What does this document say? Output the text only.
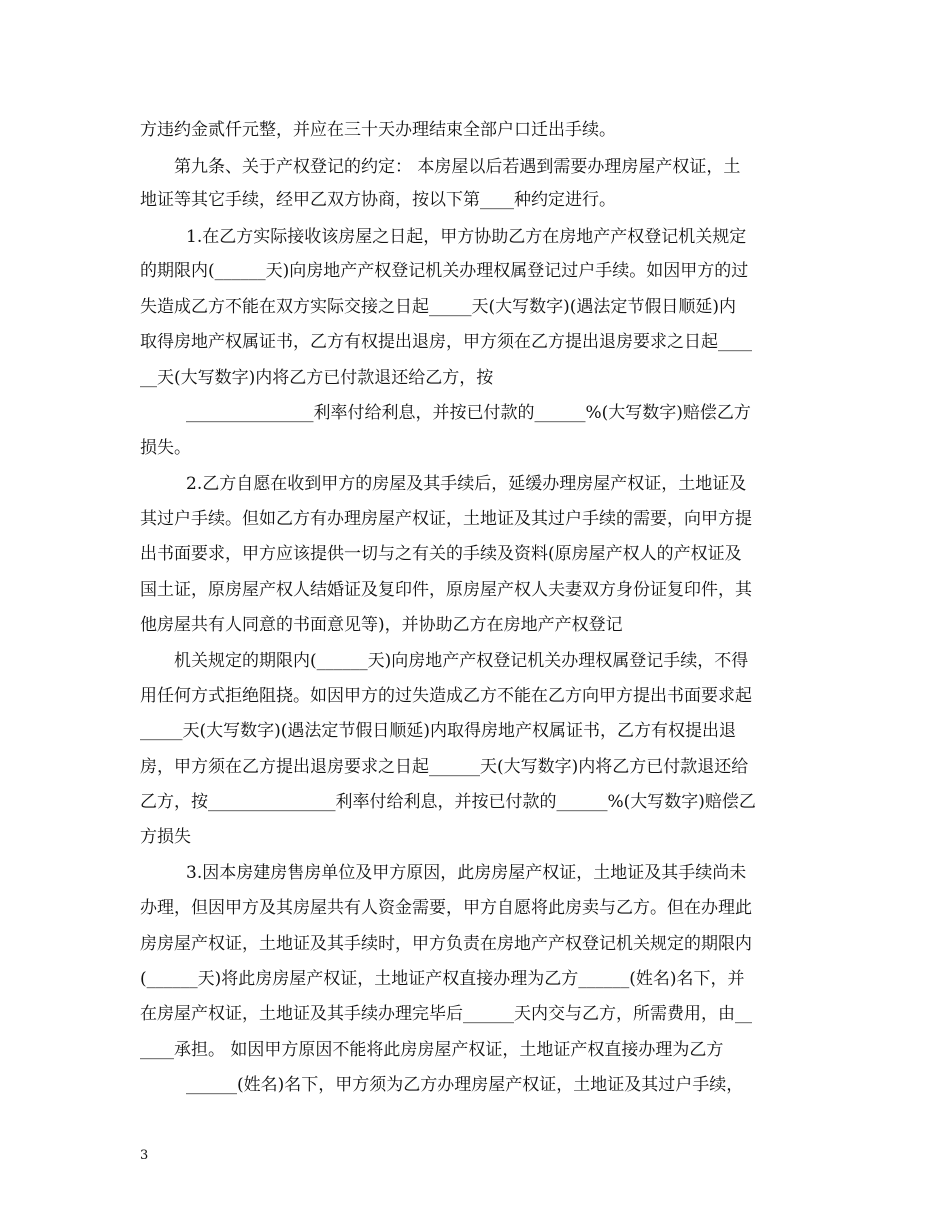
方违约金贰仟元整，并应在三十天办理结束全部户口迁出手续。
第九条、关于产权登记的约定： 本房屋以后若遇到需要办理房屋产权证，土
地证等其它手续，经甲乙双方协商，按以下第____种约定进行。
1.在乙方实际接收该房屋之日起，甲方协助乙方在房地产产权登记机关规定
的期限内(______天)向房地产产权登记机关办理权属登记过户手续。如因甲方的过
失造成乙方不能在双方实际交接之日起_____天(大写数字)(遇法定节假日顺延)内
取得房地产权属证书，乙方有权提出退房，甲方须在乙方提出退房要求之日起____
__天(大写数字)内将乙方已付款退还给乙方，按
_______________利率付给利息，并按已付款的______%(大写数字)赔偿乙方
损失。
2.乙方自愿在收到甲方的房屋及其手续后，延缓办理房屋产权证，土地证及
其过户手续。但如乙方有办理房屋产权证，土地证及其过户手续的需要，向甲方提
出书面要求，甲方应该提供一切与之有关的手续及资料(原房屋产权人的产权证及
国土证，原房屋产权人结婚证及复印件，原房屋产权人夫妻双方身份证复印件，其
他房屋共有人同意的书面意见等)，并协助乙方在房地产产权登记
机关规定的期限内(______天)向房地产产权登记机关办理权属登记手续，不得
用任何方式拒绝阻挠。如因甲方的过失造成乙方不能在乙方向甲方提出书面要求起
_____天(大写数字)(遇法定节假日顺延)内取得房地产权属证书，乙方有权提出退
房，甲方须在乙方提出退房要求之日起______天(大写数字)内将乙方已付款退还给
乙方，按_______________利率付给利息，并按已付款的______%(大写数字)赔偿乙
方损失
3.因本房建房售房单位及甲方原因，此房房屋产权证，土地证及其手续尚未
办理，但因甲方及其房屋共有人资金需要，甲方自愿将此房卖与乙方。但在办理此
房房屋产权证，土地证及其手续时，甲方负责在房地产产权登记机关规定的期限内
(______天)将此房房屋产权证，土地证产权直接办理为乙方______(姓名)名下，并
在房屋产权证，土地证及其手续办理完毕后______天内交与乙方，所需费用，由__
____承担。 如因甲方原因不能将此房房屋产权证，土地证产权直接办理为乙方
______(姓名)名下，甲方须为乙方办理房屋产权证，土地证及其过户手续，
3
